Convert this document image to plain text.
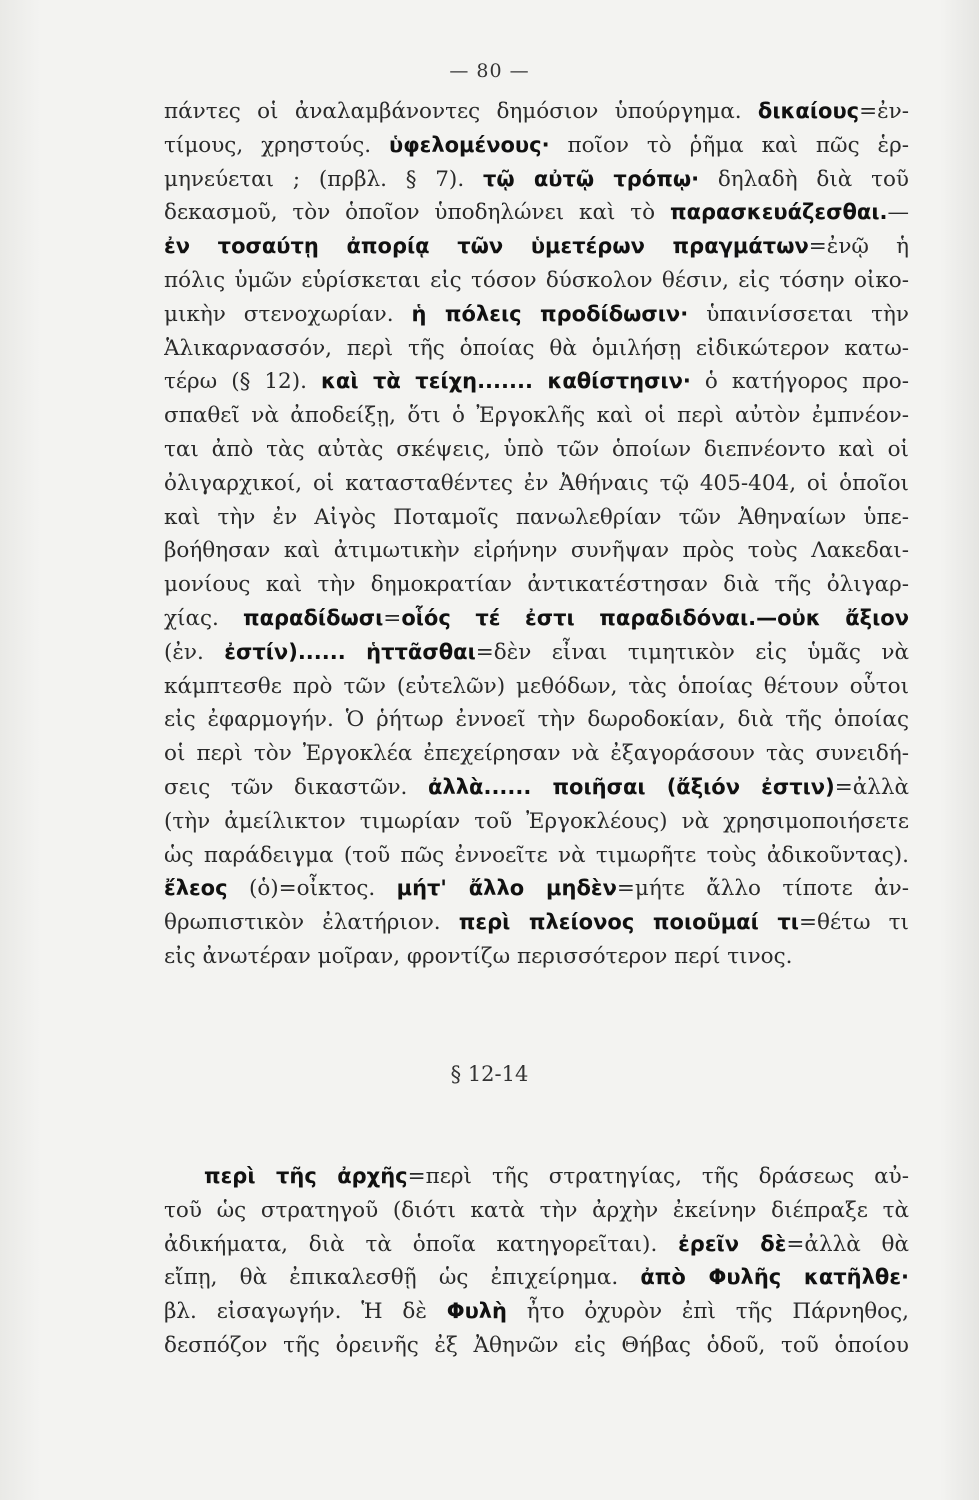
— 80 —
πάντες οἱ ἀναλαμβάνοντες δημόσιον ὑπούργημα. δικαίους=ἐν-
τίμους, χρηστούς. ὑφελομένους· ποῖον τὸ ῥῆμα καὶ πῶς ἑρ-
μηνεύεται ; (πρβλ. § 7). τῷ αὐτῷ τρόπῳ· δηλαδὴ διὰ τοῦ
δεκασμοῦ, τὸν ὁποῖον ὑποδηλώνει καὶ τὸ παρασκευάζεσθαι.—
ἐν τοσαύτῃ ἀπορίᾳ τῶν ὑμετέρων πραγμάτων=ἐνῷ ἡ
πόλις ὑμῶν εὑρίσκεται εἰς τόσον δύσκολον θέσιν, εἰς τόσην οἰκο-
μικὴν στενοχωρίαν. ἡ πόλεις προδίδωσιν· ὑπαινίσσεται τὴν
Ἁλικαρνασσόν, περὶ τῆς ὁποίας θὰ ὁμιλήσῃ εἰδικώτερον κατω-
τέρω (§ 12). καὶ τὰ τείχη....... καθίστησιν· ὁ κατήγορος προ-
σπαθεῖ νὰ ἀποδείξῃ, ὅτι ὁ Ἐργοκλῆς καὶ οἱ περὶ αὐτὸν ἐμπνέον-
ται ἀπὸ τὰς αὐτὰς σκέψεις, ὑπὸ τῶν ὁποίων διεπνέοντο καὶ οἱ
ὀλιγαρχικοί, οἱ κατασταθέντες ἐν Ἀθήναις τῷ 405-404, οἱ ὁποῖοι
καὶ τὴν ἐν Αἰγὸς Ποταμοῖς πανωλεθρίαν τῶν Ἀθηναίων ὑπε-
βοήθησαν καὶ ἀτιμωτικὴν εἰρήνην συνῆψαν πρὸς τοὺς Λακεδαι-
μονίους καὶ τὴν δημοκρατίαν ἀντικατέστησαν διὰ τῆς ὀλιγαρ-
χίας. παραδίδωσι=οἷός τέ ἐστι παραδιδόναι.—οὐκ ἄξιον
(ἐν. ἐστίν)...... ἡττᾶσθαι=δὲν εἶναι τιμητικὸν εἰς ὑμᾶς νὰ
κάμπτεσθε πρὸ τῶν (εὐτελῶν) μεθόδων, τὰς ὁποίας θέτουν οὗτοι
εἰς ἐφαρμογήν. Ὁ ῥήτωρ ἐννοεῖ τὴν δωροδοκίαν, διὰ τῆς ὁποίας
οἱ περὶ τὸν Ἐργοκλέα ἐπεχείρησαν νὰ ἐξαγοράσουν τὰς συνειδή-
σεις τῶν δικαστῶν. ἀλλὰ...... ποιῆσαι (ἄξιόν ἐστιν)=ἀλλὰ
(τὴν ἀμείλικτον τιμωρίαν τοῦ Ἐργοκλέους) νὰ χρησιμοποιήσετε
ὡς παράδειγμα (τοῦ πῶς ἐννοεῖτε νὰ τιμωρῆτε τοὺς ἀδικοῦντας).
ἔλεος (ὁ)=οἶκτος. μήτ' ἄλλο μηδὲν=μήτε ἄλλο τίποτε ἀν-
θρωπιστικὸν ἐλατήριον. περὶ πλείονος ποιοῦμαί τι=θέτω τι
εἰς ἀνωτέραν μοῖραν, φροντίζω περισσότερον περί τινος.
§ 12-14
περὶ τῆς ἀρχῆς=περὶ τῆς στρατηγίας, τῆς δράσεως αὐ-
τοῦ ὡς στρατηγοῦ (διότι κατὰ τὴν ἀρχὴν ἐκείνην διέπραξε τὰ
ἀδικήματα, διὰ τὰ ὁποῖα κατηγορεῖται). ἐρεῖν δὲ=ἀλλὰ θὰ
εἴπῃ, θὰ ἐπικαλεσθῇ ὡς ἐπιχείρημα. ἀπὸ Φυλῆς κατῆλθε·
βλ. εἰσαγωγήν. Ἡ δὲ Φυλὴ ἦτο ὀχυρὸν ἐπὶ τῆς Πάρνηθος,
δεσπόζον τῆς ὀρεινῆς ἐξ Ἀθηνῶν εἰς Θήβας ὁδοῦ, τοῦ ὁποίου
